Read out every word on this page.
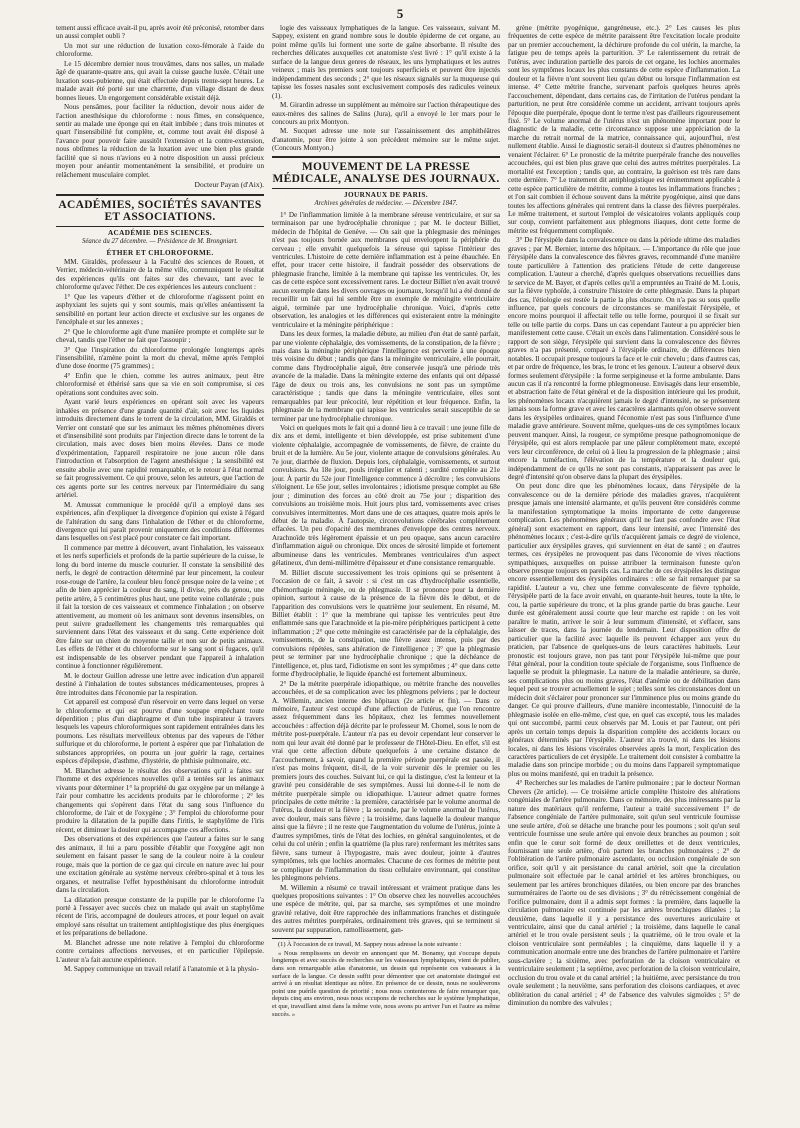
5

tement aussi efficace avait-il pu, après avoir été préconisé, retomber dans un aussi complet oubli ?

Un mot sur une réduction de luxation coxo-fémorale à l'aide du chloroforme.

Le 15 décembre dernier nous trouvâmes, dans nos salles, un malade âgé de quarante-quatre ans, qui avait la cuisse gauche luxée. C'était une luxation sous-pubienne, qui était effectuée depuis trente-sept heures. Le malade avait été porté sur une charrette, d'un village distant de deux bonnes lieues. Un engorgement considérable existait déjà.

Nous pensâmes, pour faciliter la réduction, devoir nous aider de l'action anesthésique du chloroforme : nous fîmes, en conséquence, sentir au malade une éponge qui en était imbibée ; dans trois minutes et quart l'insensibilité fut complète, et, comme tout avait été disposé à l'avance pour pouvoir faire aussitôt l'extension et la contre-extension, nous obtînmes la réduction de la luxation avec une bien plus grande facilité que si nous n'avions eu à notre disposition un aussi précieux moyen pour anéantir momentanément la sensibilité, et produire un relâchement musculaire complet.

Docteur Payan (d'Aix).
ACADÉMIES, SOCIÉTÉS SAVANTES ET ASSOCIATIONS.
ACADÉMIE DES SCIENCES.
Séance du 27 décembre. — Présidence de M. Brongniart.
ÉTHER ET CHLOROFORME.

MM. Giraldès, professeur à la Faculté des sciences de Rouen, et Verrier, médecin-vétérinaire de la même ville, communiquent le résultat des expériences qu'ils ont faites sur des chevaux, tant avec le chloroforme qu'avec l'éther. De ces expériences les auteurs concluent :

1° Que les vapeurs d'éther et de chloroforme n'agissent point en asphyxiant les sujets qui y sont soumis, mais qu'elles anéantissent la sensibilité en portant leur action directe et exclusive sur les organes de l'encéphale et sur les annexes ;

2° Que le chloroforme agit d'une manière prompte et complète sur le cheval, tandis que l'éther ne fait que l'assoupir ;

3° Que l'inspiration du chloroforme prolongée longtemps après l'insensibilité, n'amène point la mort du cheval, même après l'emploi d'une dose énorme (75 grammes) ;

4° Enfin que le chien, comme les autres animaux, peut être chloroformisé et éthérisé sans que sa vie en soit compromise, si ces opérations sont conduites avec soin.

Ayant varié leurs expériences en opérant soit avec les vapeurs inhalées en présence d'une grande quantité d'air, soit avec les liquides introduits directement dans le torrent de la circulation, MM. Giraldès et Verrier ont constaté que sur les animaux les mêmes phénomènes divers et d'insensibilité sont produits par l'injection directe dans le torrent de la circulation, mais avec doses bien moins élevées. Dans ce mode d'expérimentation, l'appareil respiratoire ne joue aucun rôle dans l'introduction et l'absorption de l'agent anesthésique ; la sensibilité est ensuite abolie avec une rapidité remarquable, et le retour à l'état normal se fait progressivement. Ce qui prouve, selon les auteurs, que l'action de ces agents porte sur les centres nerveux par l'intermédiaire du sang artériel.

M. Amussat communique le procédé qu'il a employé dans ses expériences, afin d'expliquer la divergence d'opinion qui existe à l'égard de l'altération du sang dans l'inhalation de l'éther et du chloroforme, divergence qui lui paraît provenir uniquement des conditions différentes dans lesquelles on s'est placé pour constater ce fait important.

Il commence par mettre à découvert, avant l'inhalation, les vaisseaux et les nerfs superficiels et profonds de la partie supérieure de la cuisse, le long du bord interne du muscle couturier. Il constate la sensibilité des nerfs, le degré de contraction déterminé par leur pincement, la couleur rose-rouge de l'artère, la couleur bleu foncé presque noire de la veine ; et afin de bien apprécier la couleur du sang, il divise, près du genou, une petite artère, à 5 centimètres plus haut, une petite veine collatérale ; puis il fait la torsion de ces vaisseaux et commence l'inhalation ; on observe attentivement, au moment où les animaux sont devenus insensibles, on peut suivre graduellement les changements très remarquables qui surviennent dans l'état des vaisseaux et du sang. Cette expérience doit être faite sur un chien de moyenne taille et non sur de petits animaux. Les effets de l'éther et du chloroforme sur le sang sont si fugaces, qu'il est indispensable de les observer pendant que l'appareil à inhalation continue à fonctionner régulièrement.

M. le docteur Guillon adresse une lettre avec indication d'un appareil destiné à l'inhalation de toutes substances médicamenteuses, propres à être introduites dans l'économie par la respiration.

Cet appareil est composé d'un réservoir en verre dans lequel on verse le chloroforme et qui est pourvu d'une soupape empêchant toute déperdition ; plus d'un diaphragme et d'un tube inspirateur à travers lesquels les vapeurs chloroformiques sont rapidement entraînées dans les poumons. Les résultats merveilleux obtenus par des vapeurs de l'éther sulfurique et du chloroforme, le portent à espérer que par l'inhalation de substances appropriées, on pourra un jour guérir la rage, certaines espèces d'épilepsie, d'asthme, d'hystérie, de phthisie pulmonaire, etc.

M. Blanchet adresse le résultat des observations qu'il a faites sur l'homme et des expériences nouvelles qu'il a tentées sur les animaux vivants pour déterminer 1° la propriété du gaz oxygène par un mélange à l'air pour combattre les accidents produits par le chloroforme ; 2° les changements qui s'opèrent dans l'état du sang sous l'influence du chloroforme, de l'air et de l'oxygène ; 3° l'emploi du chloroforme pour produire la dilatation de la pupille dans l'iritis, le staphylôme de l'iris récent, et diminuer la douleur qui accompagne ces affections.

Des observations et des expériences que l'auteur a faites sur le sang des animaux, il lui a paru possible d'établir que l'oxygène agit non seulement en faisant passer le sang de la couleur noire à la couleur rouge, mais que la portion de ce gaz qui circule en nature avec lui pour une excitation générale au système nerveux cérébro-spinal et à tous les organes, et neutralise l'effet hyposthénisant du chloroforme introduit dans la circulation.

La dilatation presque constante de la pupille par le chloroforme l'a porté à l'essayer avec succès chez un malade qui avait un staphylôme récent de l'iris, accompagné de douleurs atroces, et pour lequel on avait employé sans résultat un traitement antiphlogistique des plus énergiques et les préparations de belladone.

M. Blanchet adresse une note relative à l'emploi du chloroforme contre certaines affections nerveuses, et en particulier l'épilepsie. L'auteur n'a fait aucune expérience.

M. Sappey communique un travail relatif à l'anatomie et à la physio-

logie des vaisseaux lymphatiques de la langue. Ces vaisseaux, suivant M. Sappey, existent en grand nombre sous le double épiderme de cet organe, au point même qu'ils lui forment une sorte de gaîne absorbante. Il résulte des recherches délicates auxquelles cet anatomiste s'est livré : 1° qu'il existe à la surface de la langue deux genres de réseaux, les uns lymphatiques et les autres veineux ; mais les premiers sont toujours superficiels et peuvent être injectés indépendamment des seconds ; 2° que les réseaux signalés sur la muqueuse qui tapisse les fosses nasales sont exclusivement composés des radicules veineux (1).

M. Girardin adresse un supplément au mémoire sur l'action thérapeutique des eaux-mères des salines de Salins (Jura), qu'il a envoyé le 1er mars pour le concours au prix Montyon.

M. Sucquet adresse une note sur l'assainissement des amphithéâtres d'anatomie, pour être jointe à son précédent mémoire sur le même sujet. (Concours Montyon.)

MOUVEMENT DE LA PRESSE MÉDICALE, ANALYSE DES JOURNAUX.
JOURNAUX DE PARIS.
Archives générales de médecine. — Décembre 1847.

1° De l'inflammation limitée à la membrane séreuse ventriculaire, et sur sa terminaison par une hydrocéphalie chronique ; par M. le docteur Billiet, médecin de l'hôpital de Genève. — On sait que la phlegmasie des méninges n'est pas toujours bornée aux membranes qui enveloppent la périphérie du cerveau ; elle envahit quelquefois la séreuse qui tapisse l'intérieur des ventricules. L'histoire de cette dernière inflammation est à peine ébauchée. En effet, pour tracer cette histoire, il faudrait posséder des observations de phlegmasie franche, limitée à la membrane qui tapisse les ventricules. Or, les cas de cette espèce sont excessivement rares. Le docteur Billiet n'en avait trouvé aucun exemple dans les divers ouvrages ou journaux, lorsqu'il lui a été donné de recueillir un fait qui lui semble être un exemple de méningite ventriculaire aiguë, terminée par une hydrocéphalie chronique. Voici, d'après cette observation, les analogies et les différences qui existeraient entre la méningite ventriculaire et la méningite périphérique :

Dans les deux formes, la maladie débute, au milieu d'un état de santé parfait, par une violente céphalalgie, des vomissements, de la constipation, de la fièvre ; mais dans la méningite périphérique l'intelligence est pervertie à une époque très voisine du début ; tandis que dans la méningite ventriculaire, elle pourrait, comme dans l'hydrocéphalie aiguë, être conservée jusqu'à une période très avancée de la maladie. Dans la méningite externe des enfants qui ont dépassé l'âge de deux ou trois ans, les convulsions ne sont pas un symptôme caractéristique ; tandis que dans la méningite ventriculaire, elles sont remarquables par leur précocité, leur répétition et leur fréquence. Enfin, la phlegmasie de la membrane qui tapisse les ventricules serait susceptible de se terminer par une hydrocéphalie chronique.

Voici en quelques mots le fait qui a donné lieu à ce travail : une jeune fille de dix ans et demi, intelligente et bien développée, est prise subitement d'une violente céphalalgie, accompagnée de vomissements, de fièvre, de crainte du bruit et de la lumière. Au 5e jour, violente attaque de convulsions générales. Au 7e jour, diarrhée de fluxion. Depuis lors, céphalalgie, vomissements, et surtout convulsions. Au 18e jour, pouls irrégulier et ralenti ; surdité complète au 21e jour. À partir du 52e jour l'intelligence commence à décroître ; les convulsions s'éloignent. Le 65e jour, selles involontaires ; idiotisme presque complet au 68e jour ; diminution des forces au côté droit au 75e jour ; disparition des convulsions au troisième mois. Huit jours plus tard, vomissements avec crises convulsives intermittentes. Mort dans une de ces attaques, quatre mois après le début de la maladie. À l'autopsie, circonvolutions cérébrales complètement effacées. Un peu d'opacité des membranes d'enveloppe des centres nerveux. Arachnoïde très légèrement épaissie et un peu opaque, sans aucun caractère d'inflammation aiguë ou chronique. Dix onces de sérosité limpide et fortement albumineuse dans les ventricules. Membranes ventriculaires d'un aspect gélatineux, d'un demi-millimètre d'épaisseur et d'une consistance remarquable.

M. Billiet discute successivement les trois opinions qui se présentent à l'occasion de ce fait, à savoir : si c'est un cas d'hydrocéphalie essentielle, d'hémorrhagie méningée, ou de phlegmasie. Il se prononce pour la dernière opinion, surtout à cause de la présence de la fièvre dès le début, et de l'apparition des convulsions vers le quatrième jour seulement. En résumé, M. Billiet établit : 1° que la membrane qui tapisse les ventricules peut être enflammée sans que l'arachnoïde et la pie-mère périphériques participent à cette inflammation ; 2° que cette méningite est caractérisée par de la céphalalgie, des vomissements, de la constipation, une fièvre assez intense, puis par des convulsions répétées, sans altération de l'intelligence ; 3° que la phlegmasie peut se terminer par une hydrocéphalie chronique ; que la déchéance de l'intelligence, et, plus tard, l'idiotisme en sont les symptômes ; 4° que dans cette forme d'hydrocéphalie, le liquide épanché est fortement albumineux.

2° De la métrite puerpérale idiopathique, ou métrite franche des nouvelles accouchées, et de sa complication avec les phlegmons pelviens ; par le docteur A. Willemin, ancien interne des hôpitaux (2e article et fin). — Dans ce mémoire, l'auteur s'est occupé d'une affection de l'utérus, que l'on rencontre assez fréquemment dans les hôpitaux, chez les femmes nouvellement accouchées : affection déjà décrite par le professeur M. Chomel, sous le nom de métrite post-puerpérale. L'auteur n'a pas eu devoir cependant leur conserver le nom qui leur avait été donné par le professeur de l'Hôtel-Dieu. En effet, s'il est vrai que cette affection débute quelquefois à une certaine distance de l'accouchement, à savoir, quand la première période puerpérale est passée, il n'est pas moins fréquent, dit-il, de la voir survenir dès le premier ou les premiers jours des couches. Suivant lui, ce qui la distingue, c'est la lenteur et la gravité peu considérable de ses symptômes. Aussi lui donne-t-il le nom de métrite puerpérale simple ou idiopathique. L'auteur admet quatre formes principales de cette métrite : la première, caractérisée par le volume anormal de l'utérus, la douleur et la fièvre ; la seconde, par le volume anormal de l'utérus, avec douleur, mais sans fièvre ; la troisième, dans laquelle la douleur manque ainsi que la fièvre ; il ne reste que l'augmentation du volume de l'utérus, jointe à d'autres symptômes, tirés de l'état des lochies, en général sanguinolentes, et de celui du col utérin ; enfin la quatrième (la plus rare) renfermant les métrites sans fièvre, sans tumeur à l'hypogastre, mais avec douleur, jointe à d'autres symptômes, tels que lochies anormales. Chacune de ces formes de métrite peut se compliquer de l'inflammation du tissu cellulaire environnant, qui constitue les phlegmons pelviens.

M. Willemin a résumé ce travail intéressant et vraiment pratique dans les quelques propositions suivantes : 1° On observe chez les nouvelles accouchées une espèce de métrite, qui, par sa marche, ses symptômes et une moindre gravité relative, doit être rapprochée des inflammations franches et distinguée des autres métrites puerpérales, ordinairement très graves, qui se terminent si souvent par suppuration, ramollissement, gan-

(1) À l'occasion de ce travail, M. Sappey nous adresse la note suivante :

« Nous remplissons un devoir en annonçant que M. Bonamy, qui s'occupe depuis longtemps et avec succès de recherches sur les vaisseaux lymphatiques, vient de publier, dans son remarquable atlas d'anatomie, un dessin qui représente ces vaisseaux à la surface de la langue. Ce dessin suffit pour démontrer que cet anatomiste distingué est arrivé à un résultat identique au nôtre. En présence de ce dessin, nous ne soulèverons point une puérile question de priorité ; nous nous contenterons de faire remarquer que, depuis cinq ans environ, nous nous occupons de recherches sur le système lymphatique, et que, travaillant ainsi dans la même voie, nous avons pu arriver l'un et l'autre au même succès. »

grène (métrite pyogénique, gangréneuse, etc.). 2° Les causes les plus fréquentes de cette espèce de métrite paraissent être l'excitation locale produite par un premier accouchement, la déchirure profonde du col utérin, la marche, la fatigue peu de temps après la parturition. 3° Le ralentissement du retrait de l'utérus, avec induration partielle des parois de cet organe, les lochies anormales sont les symptômes locaux les plus constants de cette espèce d'inflammation. La douleur et la fièvre n'ont souvent lieu qu'au début ou lorsque l'inflammation est intense. 4° Cette métrite franche, survenant parfois quelques heures après l'accouchement, dépendant, dans certains cas, de l'irritation de l'utérus pendant la parturition, ne peut être considérée comme un accident, arrivant toujours après l'époque dite puerpérale, époque dont le terme n'est pas d'ailleurs rigoureusement fixé. 5° Le volume anormal de l'utérus n'est un phénomène important pour le diagnostic de la maladie, cette circonstance suppose une appréciation de la marche du retrait normal de la matrice, connaissance qui, aujourd'hui, n'est nullement établie. Aussi le diagnostic serait-il douteux si d'autres phénomènes ne venaient l'éclairer. 6° Le pronostic de la métrite puerpérale franche des nouvelles accouchées, qui est bien plus grave que celui des autres métrites puerpérales. La mortalité est l'exception ; tandis que, au contraire, la guérison est très rare dans cette dernière. 7° Le traitement dit antiphlogistique est éminemment applicable à cette espèce particulière de métrite, comme à toutes les inflammations franches ; et l'on sait combien il échoue souvent dans la métrite pyogénique, ainsi que dans toutes les affections générales qui rentrent dans la classe des fièvres puerpérales. Le même traitement, et surtout l'emploi de vésicatoires volants appliqués coup sur coup, convient parfaitement aux phlegmons iliaques, dont cette forme de métrite est fréquemment compliquée.

3° De l'érysipèle dans la convalescence ou dans la période ultime des maladies graves ; par M. Bernier, interne des hôpitaux. — L'importance du rôle que joue l'érysipèle dans la convalescence des fièvres graves, recommandé d'une manière toute particulière à l'attention des praticiens l'étude de cette dangereuse complication. L'auteur a cherché, d'après quelques observations recueillies dans le service de M. Bayer, et d'après celles qu'il a empruntées au Traité de M. Louis, sur la fièvre typhoïde, à construire l'histoire de cette phlegmasie. Dans la plupart des cas, l'étiologie est restée la partie la plus obscure. On n'a pas su sous quelle influence, par quels concours de circonstances se manifestait l'érysipèle, et encore moins pourquoi il affectait telle ou telle forme, pourquoi il se fixait sur telle ou telle partie du corps. Dans un cas cependant l'auteur a pu apprécier bien manifestement cette cause. C'était un excès dans l'alimentation. Considéré sous le rapport de son siège, l'érysipèle qui survient dans la convalescence des fièvres graves n'a pas présenté, comparé à l'érysipèle ordinaire, de différences bien notables. Il occupait presque toujours la face et le cuir chevelu ; dans d'autres cas, et par ordre de fréquence, les bras, le tronc et les genoux. L'auteur a observé deux formes seulement d'érysipèle : la forme serpigineuse et la forme ambulante. Dans aucun cas il n'a rencontré la forme phlegmoneuse. Envisagés dans leur ensemble, et abstraction faite de l'état général et de la disposition intérieure qui les produit, les phénomènes locaux n'acquièrent jamais le degré d'intensité, ne se présentent jamais sous la forme grave et avec les caractères alarmants qu'on observe souvent dans les érysipèles ordinaires, quand l'économie n'est pas sous l'influence d'une maladie grave antérieure. Souvent même, quelques-uns de ces symptômes locaux peuvent manquer. Ainsi, la rougeur, ce symptôme presque pathognomonique de l'érysipèle, qui est alors remplacée par une pâleur complètement mate, excepté vers leur circonférence, de celui où à lieu la progression de la phlegmasie ; ainsi encore la tuméfaction, l'élévation de la température et la douleur qui, indépendamment de ce qu'ils ne sont pas constants, n'apparaissent pas avec le degré d'intensité qu'on observe dans la plupart des érysipèles.

On peut donc dire que les phénomènes locaux, dans l'érysipèle de la convalescence ou de la dernière période des maladies graves, n'acquièrent presque jamais une intensité alarmante, et qu'ils peuvent être considérés comme la manifestation symptomatique la moins importante de cette dangereuse complication. Les phénomènes généraux qu'il ne faut pas confondre avec l'état général) sont exactement en rapport, dans leur intensité, avec l'intensité des phénomènes locaux ; c'est-à-dire qu'ils n'acquièrent jamais ce degré de violence, particulier aux érysipèles graves, qui surviennent en état de santé ; en d'autres termes, ces érysipèles ne provoquent pas dans l'économie de vives réactions sympathiques, auxquelles on puisse attribuer la terminaison funeste qu'on observe presque toujours en pareils cas. La marche de ces érysipèles les distingue encore essentiellement des érysipèles ordinaires : elle se fait remarquer par sa rapidité. L'auteur a vu, chez une femme convalescente de fièvre typhoïde, l'érysipèle parti de la face avoir envahi, en quarante-huit heures, toute la tête, le cou, la partie supérieure du tronc, et la plus grande partie du bras gauche. Leur durée est généralement aussi courte que leur marche est rapide : on les voit paraître le matin, arriver le soir à leur summum d'intensité, et s'effacer, sans laisser de traces, dans la journée du lendemain. Leur disposition offre de particulier que la facilité avec laquelle ils peuvent échapper aux yeux du praticien, par l'absence de quelques-uns de leurs caractères habituels. Leur pronostic est toujours grave, non pas tant pour l'érysipèle lui-même que pour l'état général, pour la condition toute spéciale de l'organisme, sous l'influence de laquelle se produit la phlegmasie. La nature de la maladie antérieure, sa durée, ses complications plus ou moins graves, l'état d'anémie ou de débilitation dans lequel peut se trouver actuellement le sujet ; telles sont les circonstances dont un médecin doit s'éclairer pour prononcer sur l'imminence plus ou moins grande du danger. Ce qui prouve d'ailleurs, d'une manière incontestable, l'innocuité de la phlegmasie isolée en elle-même, c'est que, en quel cas excepté, tous les malades qui ont succombé, parmi ceux observés par M. Louis et par l'auteur, ont péri après un certain temps depuis la disparition complète des accidents locaux ou généraux déterminés par l'érysipèle. L'auteur n'a trouvé, ni dans les lésions locales, ni dans les lésions viscérales observées après la mort, l'explication des caractères particuliers de cet érysipèle. Le traitement doit consister à combattre la maladie dans son principe morbide ; ou du moins dans l'appareil symptomatique plus ou moins manifesté, qui en traduit la présence.

4° Recherches sur les maladies de l'artère pulmonaire ; par le docteur Norman Chevers (2e article). — Ce troisième article complète l'histoire des altérations congéniales de l'artère pulmonaire. Dans ce mémoire, des plus intéressants par la nature des matériaux qu'il renferme, l'auteur a traité successivement 1° de l'absence congéniale de l'artère pulmonaire, soit qu'un seul ventricule fournisse une seule artère, d'où se détache une branche pour les poumons ; soit qu'un seul ventricule fournisse une seule artère qui envoie deux branches au poumon ; soit enfin que le cœur soit formé de deux oreillettes et de deux ventricules, fournissant une seule artère, d'où partent les branches pulmonaires ; 2° de l'oblitération de l'artère pulmonaire ascendante, ou occlusion congéniale de son orifice, soit qu'il y ait persistance du canal artériel, soit que la circulation pulmonaire soit effectuée par le canal artériel et les artères bronchiques, ou seulement par les artères bronchiques dilatées, ou bien encore par des branches surnuméraires de l'aorte ou de ses divisions ; 3° du rétrécissement congénial de l'orifice pulmonaire, dont il a admis sept formes : la première, dans laquelle la circulation pulmonaire est continuée par les artères bronchiques dilatées ; la deuxième, dans laquelle il y a persistance des ouvertures auriculaire et ventriculaire, ainsi que du canal artériel ; la troisième, dans laquelle le canal artériel et le trou ovale persistent seuls ; la quatrième, où le trou ovale et la cloison ventriculaire sont perméables ; la cinquième, dans laquelle il y a communication anormale entre une des branches de l'artère pulmonaire et l'artère sous-clavière ; la sixième, avec perforation de la cloison ventriculaire et ventriculaire seulement ; la septième, avec perforation de la cloison ventriculaire, occlusion du trou ovale et du canal artériel ; la huitième, avec persistance du trou ovale seulement ; la neuvième, sans perforation des cloisons cardiaques, et avec oblitération du canal artériel ; 4° de l'absence des valvules sigmoïdes ; 5° de diminution du nombre des valvules ;
